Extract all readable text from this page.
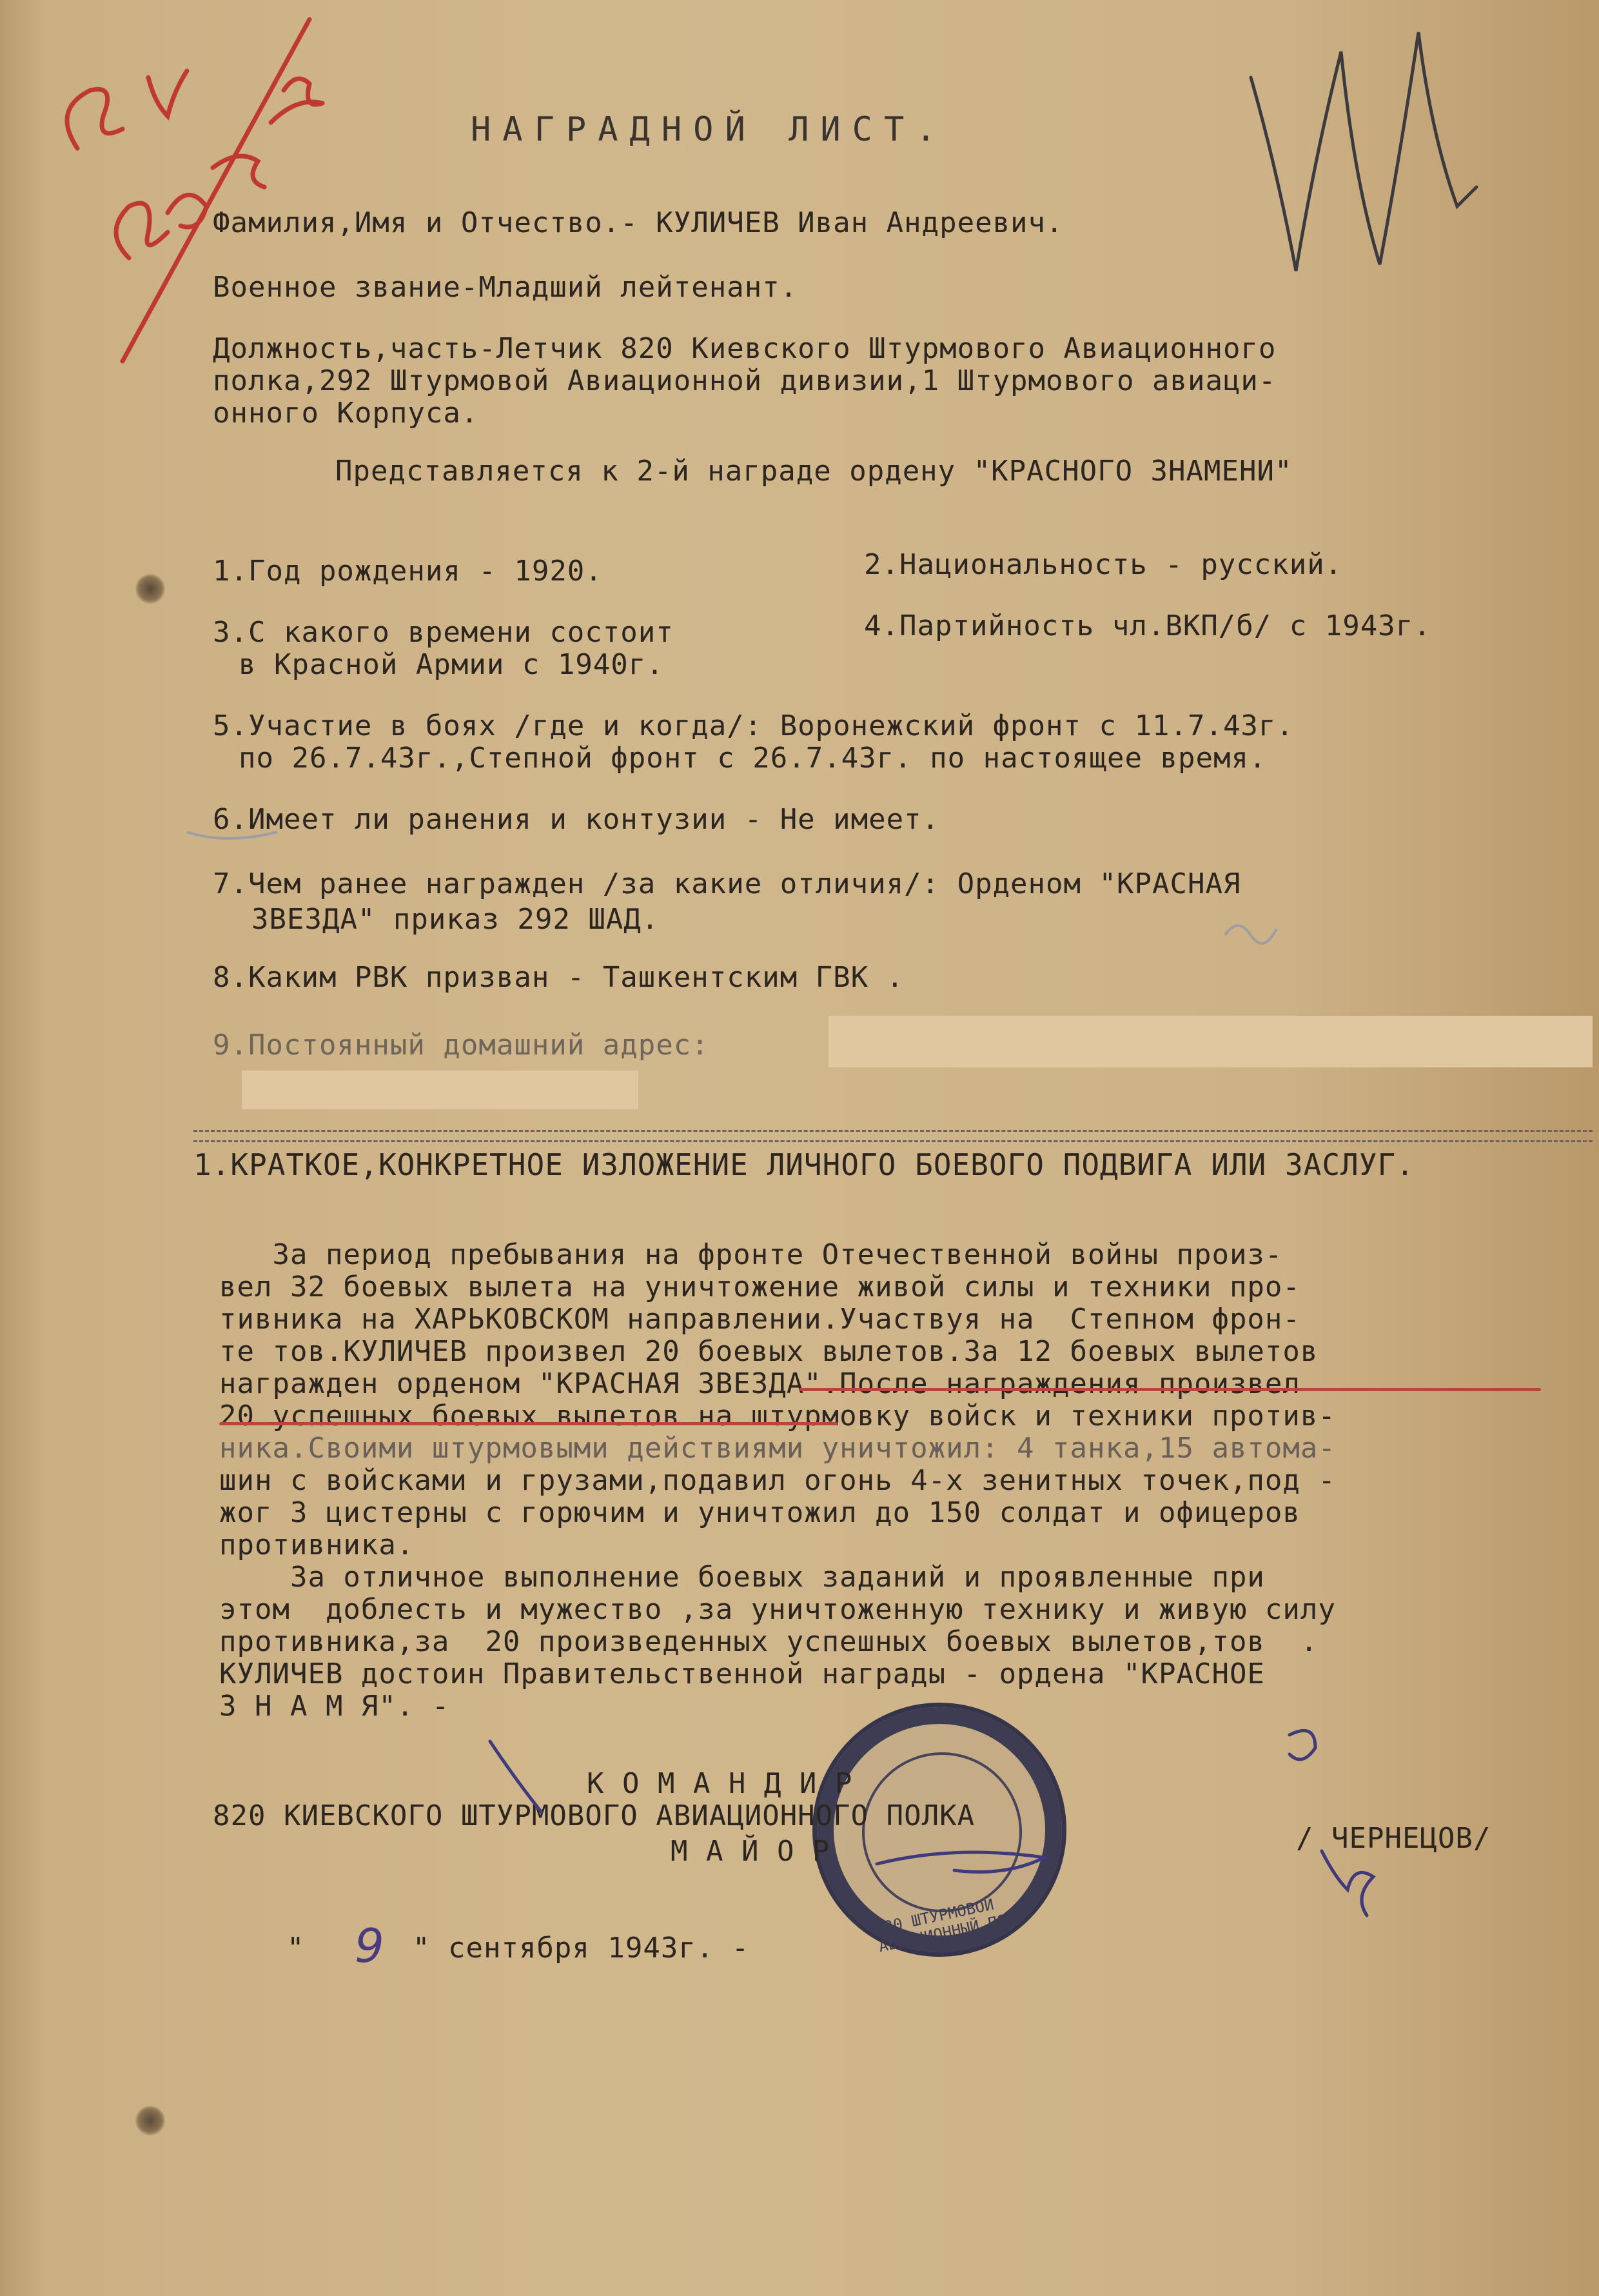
НАГРАДНОЙ ЛИСТ.
Фамилия,Имя и Отчество.- КУЛИЧЕВ Иван Андреевич.
Военное звание-Младший лейтенант.
Должность,часть-Летчик 820 Киевского Штурмового Авиационного
полка,292 Штурмовой Авиационной дивизии,1 Штурмового авиаци-
онного Корпуса.
Представляется к 2-й награде ордену "КРАСНОГО ЗНАМЕНИ"
1.Год рождения - 1920.	2.Национальность - русский.
3.С какого времени состоит
в Красной Армии с 1940г.
4.Партийность чл.ВКП/б/ с 1943г.
5.Участие в боях /где и когда/: Воронежский фронт с 11.7.43г.
по 26.7.43г.,Степной фронт с 26.7.43г. по настоящее время.
6.Имеет ли ранения и контузии - Не имеет.
7.Чем ранее награжден /за какие отличия/: Орденом "КРАСНАЯ
ЗВЕЗДА" приказ 292 ШАД.
8.Каким РВК призван - Ташкентским ГВК .
9.Постоянный домашний адрес:
1.КРАТКОЕ,КОНКРЕТНОЕ ИЗЛОЖЕНИЕ ЛИЧНОГО БОЕВОГО ПОДВИГА ИЛИ ЗАСЛУГ.
За период пребывания на фронте Отечественной войны произ-
вел 32 боевых вылета на уничтожение живой силы и техники про-
тивника на ХАРЬКОВСКОМ направлении.Участвуя на  Степном фрон-
те тов.КУЛИЧЕВ произвел 20 боевых вылетов.За 12 боевых вылетов
награжден орденом "КРАСНАЯ ЗВЕЗДА".После награждения произвел
20 успешных боевых вылетов на штурмовку войск и техники против-
ника.Своими штурмовыми действиями уничтожил: 4 танка,15 автома-
шин с войсками и грузами,подавил огонь 4-х зенитных точек,под -
жог 3 цистерны с горючим и уничтожил до 150 солдат и офицеров
противника.
За отличное выполнение боевых заданий и проявленные при
этом  доблесть и мужество ,за уничтоженную технику и живую силу
противника,за  20 произведенных успешных боевых вылетов,тов  .
КУЛИЧЕВ достоин Правительственной награды - ордена "КРАСНОЕ
З Н А М Я". -
820 ШТУРМОВОЙ АВИАЦИОННЫЙ ПОЛК
К О М А Н Д И Р
820 КИЕВСКОГО ШТУРМОВОГО АВИАЦИОННОГО ПОЛКА
М А Й О Р	/ ЧЕРНЕЦОВ/
" 9 " сентября 1943г. -
